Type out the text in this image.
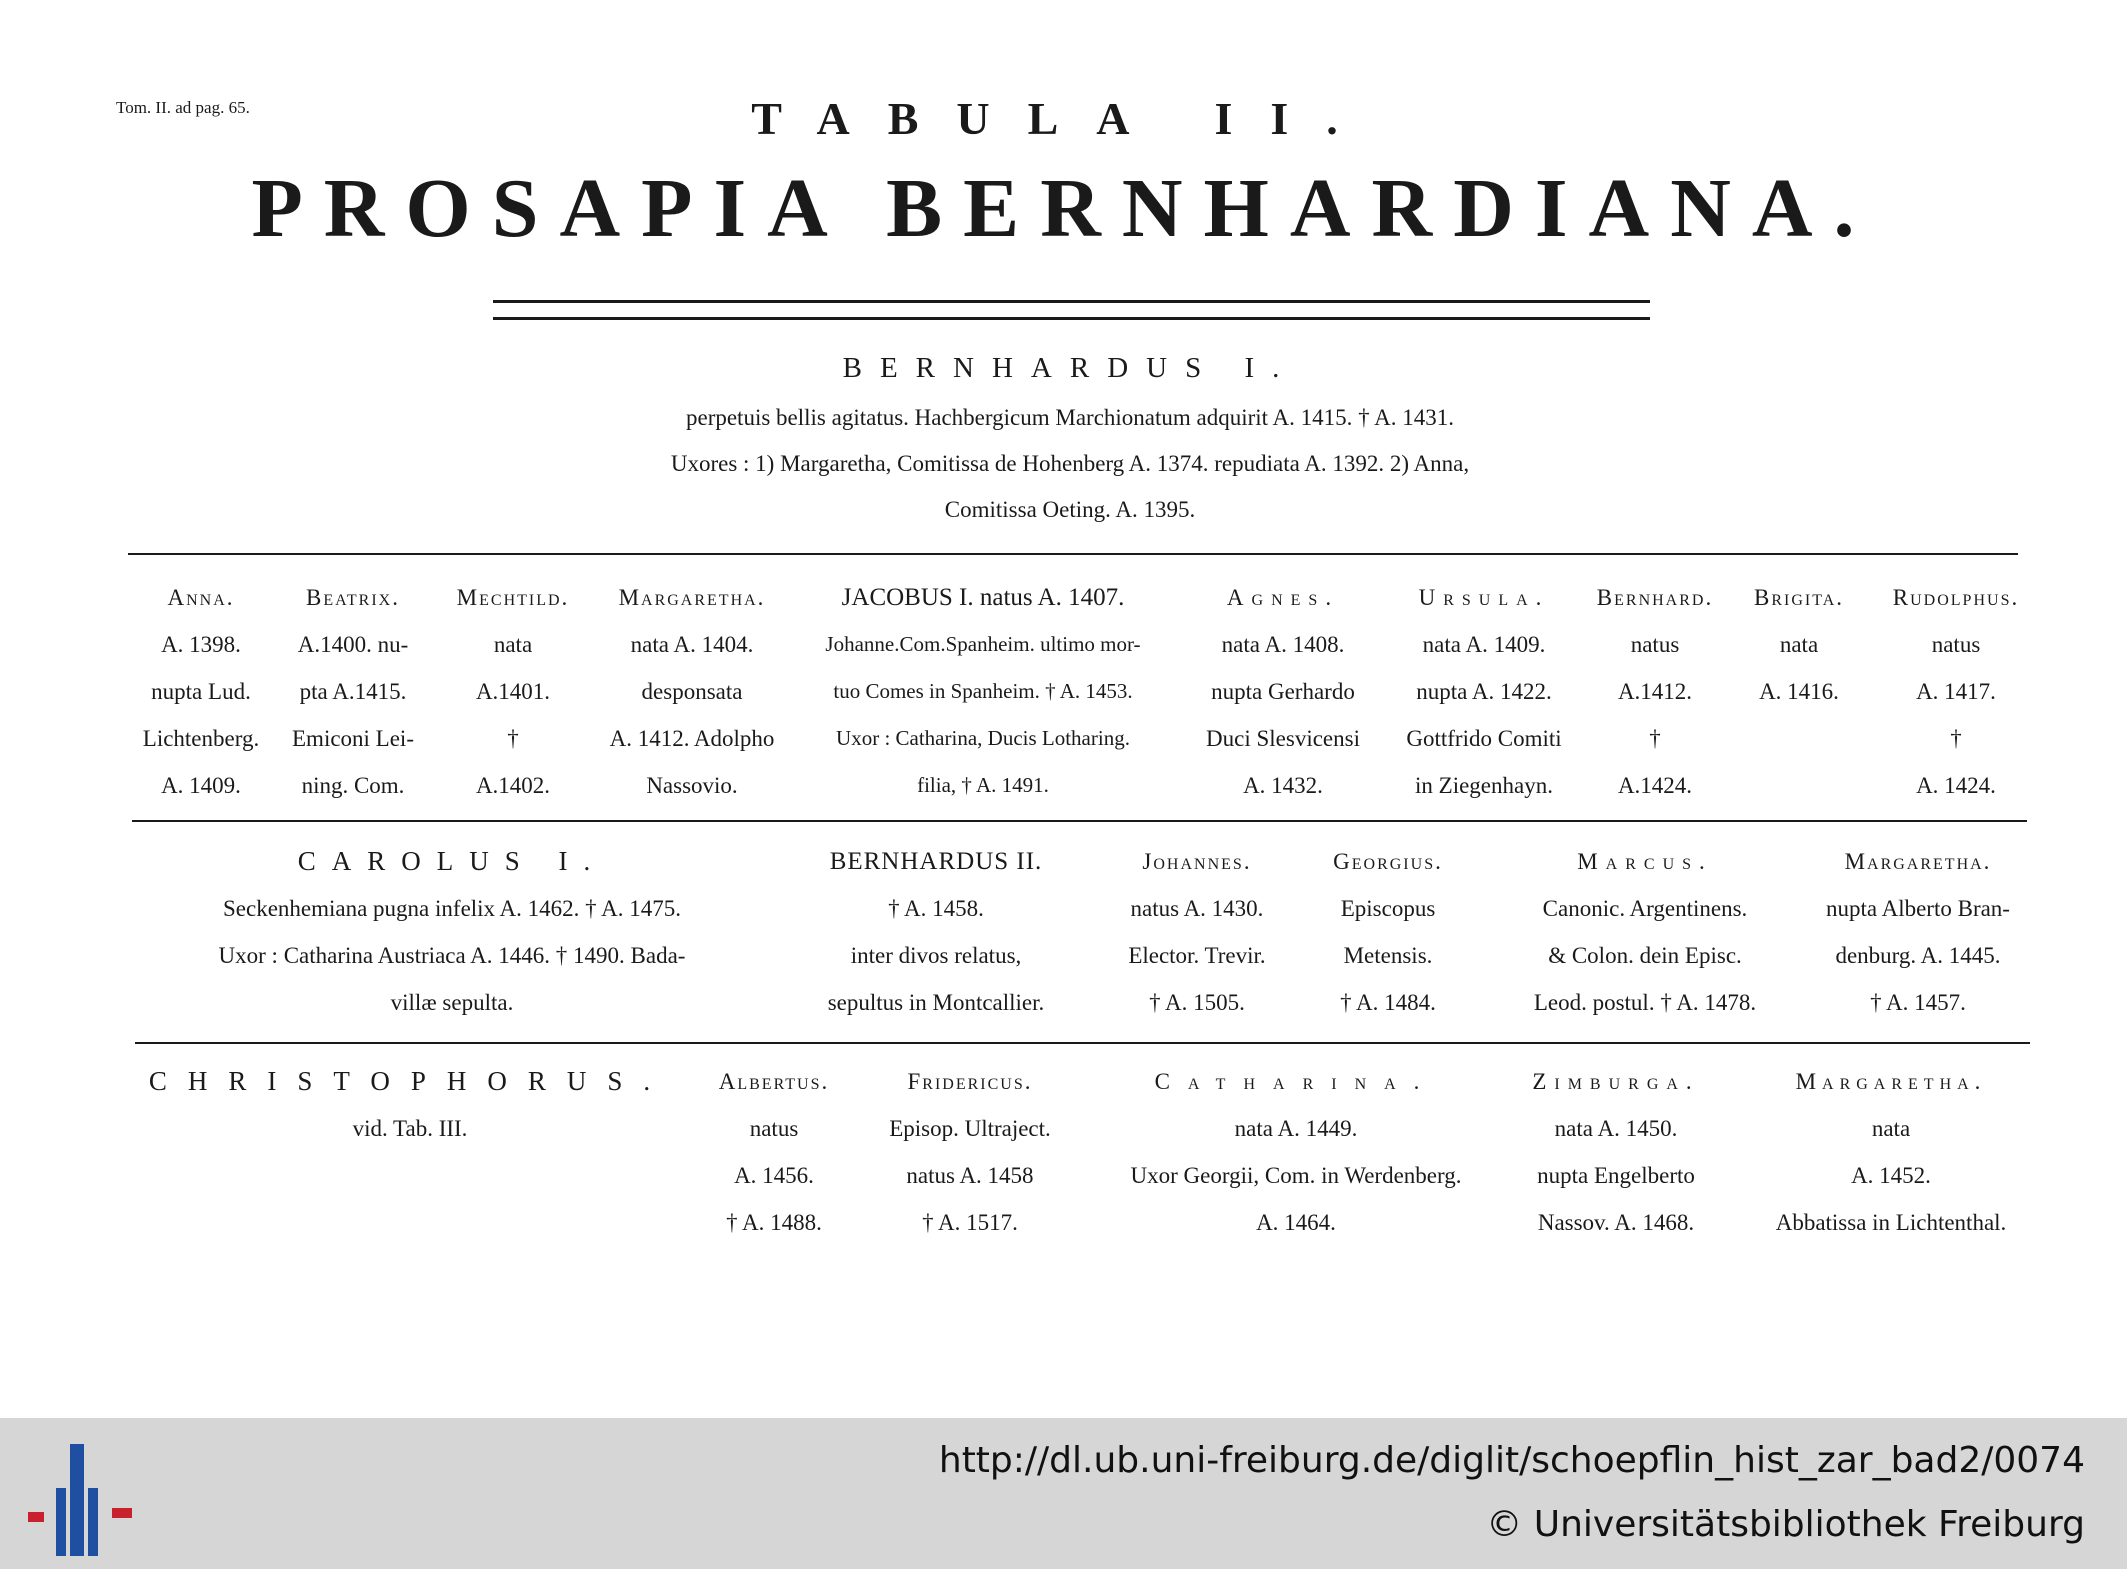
Tom. II. ad pag. 65.	TABULA II.
PROSAPIA BERNHARDIANA.
BERNHARDUS I.
perpetuis bellis agitatus. Hachbergicum Marchionatum adquirit A. 1415. † A. 1431.
Uxores : 1) Margaretha, Comitissa de Hohenberg A. 1374. repudiata A. 1392. 2) Anna,
Comitissa Oeting. A. 1395.
Anna.
A. 1398.
nupta Lud.
Lichtenberg.
A. 1409.
Beatrix.
A.1400. nu-
pta A.1415.
Emiconi Lei-
ning. Com.
Mechtild.
nata
A.1401.
†
A.1402.
Margaretha.
nata A. 1404.
desponsata
A. 1412. Adolpho
Nassovio.
JACOBUS I. natus A. 1407.
Johanne.Com.Spanheim. ultimo mor-
tuo Comes in Spanheim. † A. 1453.
Uxor : Catharina, Ducis Lotharing.
filia, † A. 1491.
Agnes.
nata A. 1408.
nupta Gerhardo
Duci Slesvicensi
A. 1432.
Ursula.
nata A. 1409.
nupta A. 1422.
Gottfrido Comiti
in Ziegenhayn.
Bernhard.
natus
A.1412.
†
A.1424.
Brigita.
nata
A. 1416.
Rudolphus.
natus
A. 1417.
†
A. 1424.
CAROLUS I.
Seckenhemiana pugna infelix A. 1462. † A. 1475.
Uxor : Catharina Austriaca A. 1446. † 1490. Bada-
villæ sepulta.
BERNHARDUS II.
† A. 1458.
inter divos relatus,
sepultus in Montcallier.
Johannes.
natus A. 1430.
Elector. Trevir.
† A. 1505.
Georgius.
Episcopus
Metensis.
† A. 1484.
Marcus.
Canonic. Argentinens.
& Colon. dein Episc.
Leod. postul. † A. 1478.
Margaretha.
nupta Alberto Bran-
denburg. A. 1445.
† A. 1457.
CHRISTOPHORUS.
vid. Tab. III.
Albertus.
natus
A. 1456.
† A. 1488.
Fridericus.
Episop. Ultraject.
natus A. 1458
† A. 1517.
Catharina.
nata A. 1449.
Uxor Georgii, Com. in Werdenberg.
A. 1464.
Zimburga.
nata A. 1450.
nupta Engelberto
Nassov. A. 1468.
Margaretha.
nata
A. 1452.
Abbatissa in Lichtenthal.
http://dl.ub.uni-freiburg.de/diglit/schoepflin_hist_zar_bad2/0074
© Universitätsbibliothek Freiburg
